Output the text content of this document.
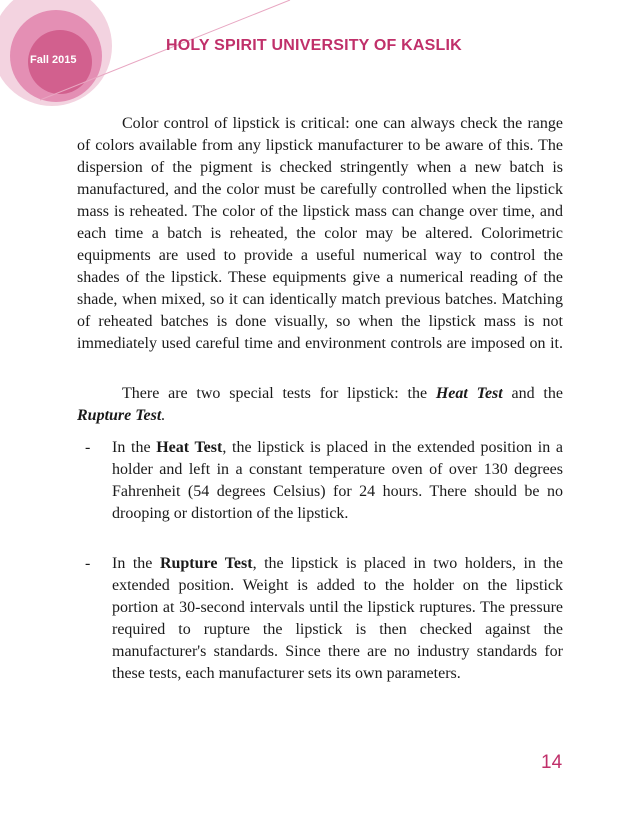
Fall 2015
HOLY SPIRIT UNIVERSITY OF KASLIK

Color control of lipstick is critical: one can always check the range of colors available from any lipstick manufacturer to be aware of this. The dispersion of the pigment is checked stringently when a new batch is manufactured, and the color must be carefully controlled when the lipstick mass is reheated. The color of the lipstick mass can change over time, and each time a batch is reheated, the color may be altered. Colorimetric equipments are used to provide a useful numerical way to control the shades of the lipstick. These equipments give a numerical reading of the shade, when mixed, so it can identically match previous batches. Matching of reheated batches is done visually, so when the lipstick mass is not immediately used careful time and environment controls are imposed on it.

There are two special tests for lipstick: the Heat Test and the Rupture Test.

- In the Heat Test, the lipstick is placed in the extended position in a holder and left in a constant temperature oven of over 130 degrees Fahrenheit (54 degrees Celsius) for 24 hours. There should be no drooping or distortion of the lipstick.

- In the Rupture Test, the lipstick is placed in two holders, in the extended position. Weight is added to the holder on the lipstick portion at 30-second intervals until the lipstick ruptures. The pressure required to rupture the lipstick is then checked against the manufacturer's standards. Since there are no industry standards for these tests, each manufacturer sets its own parameters.

14
